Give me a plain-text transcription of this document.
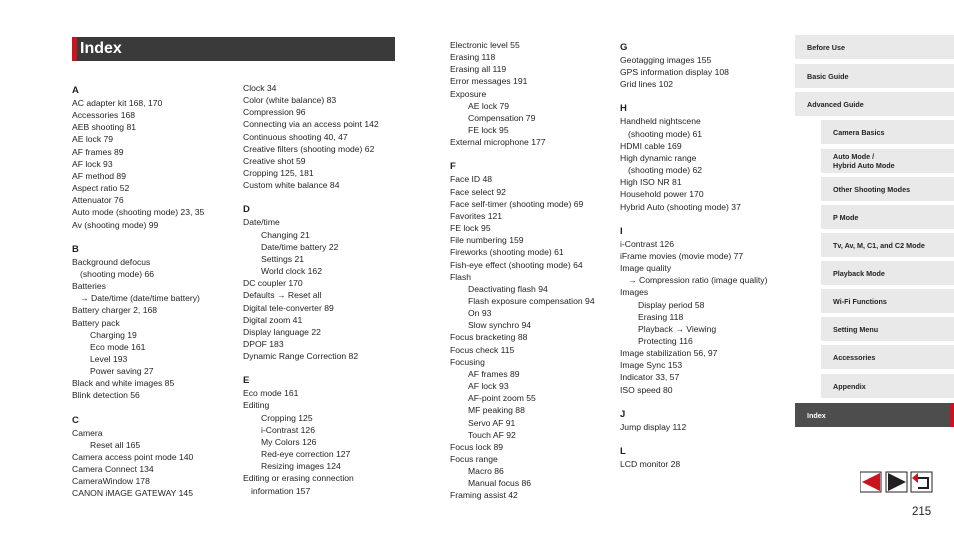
Index
A
AC adapter kit 168, 170
Accessories 168
AEB shooting 81
AE lock 79
AF frames 89
AF lock 93
AF method 89
Aspect ratio 52
Attenuator 76
Auto mode (shooting mode) 23, 35
Av (shooting mode) 99
B
Background defocus
(shooting mode) 66
Batteries
→ Date/time (date/time battery)
Battery charger 2, 168
Battery pack
Charging 19
Eco mode 161
Level 193
Power saving 27
Black and white images 85
Blink detection 56
C
Camera
Reset all 165
Camera access point mode 140
Camera Connect 134
CameraWindow 178
CANON iMAGE GATEWAY 145
Clock 34
Color (white balance) 83
Compression 96
Connecting via an access point 142
Continuous shooting 40, 47
Creative filters (shooting mode) 62
Creative shot 59
Cropping 125, 181
Custom white balance 84
D
Date/time
Changing 21
Date/time battery 22
Settings 21
World clock 162
DC coupler 170
Defaults → Reset all
Digital tele-converter 89
Digital zoom 41
Display language 22
DPOF 183
Dynamic Range Correction 82
E
Eco mode 161
Editing
Cropping 125
i-Contrast 126
My Colors 126
Red-eye correction 127
Resizing images 124
Editing or erasing connection
information 157
Electronic level 55
Erasing 118
Erasing all 119
Error messages 191
Exposure
AE lock 79
Compensation 79
FE lock 95
External microphone 177
F
Face ID 48
Face select 92
Face self-timer (shooting mode) 69
Favorites 121
FE lock 95
File numbering 159
Fireworks (shooting mode) 61
Fish-eye effect (shooting mode) 64
Flash
Deactivating flash 94
Flash exposure compensation 94
On 93
Slow synchro 94
Focus bracketing 88
Focus check 115
Focusing
AF frames 89
AF lock 93
AF-point zoom 55
MF peaking 88
Servo AF 91
Touch AF 92
Focus lock 89
Focus range
Macro 86
Manual focus 86
Framing assist 42
G
Geotagging images 155
GPS information display 108
Grid lines 102
H
Handheld nightscene
(shooting mode) 61
HDMI cable 169
High dynamic range
(shooting mode) 62
High ISO NR 81
Household power 170
Hybrid Auto (shooting mode) 37
I
i-Contrast 126
iFrame movies (movie mode) 77
Image quality
→ Compression ratio (image quality)
Images
Display period 58
Erasing 118
Playback → Viewing
Protecting 116
Image stabilization 56, 97
Image Sync 153
Indicator 33, 57
ISO speed 80
J
Jump display 112
L
LCD monitor 28
Before Use
Basic Guide
Advanced Guide
Camera Basics
Auto Mode /
Hybrid Auto Mode
Other Shooting Modes
P Mode
Tv, Av, M, C1, and C2 Mode
Playback Mode
Wi-Fi Functions
Setting Menu
Accessories
Appendix
Index
215
